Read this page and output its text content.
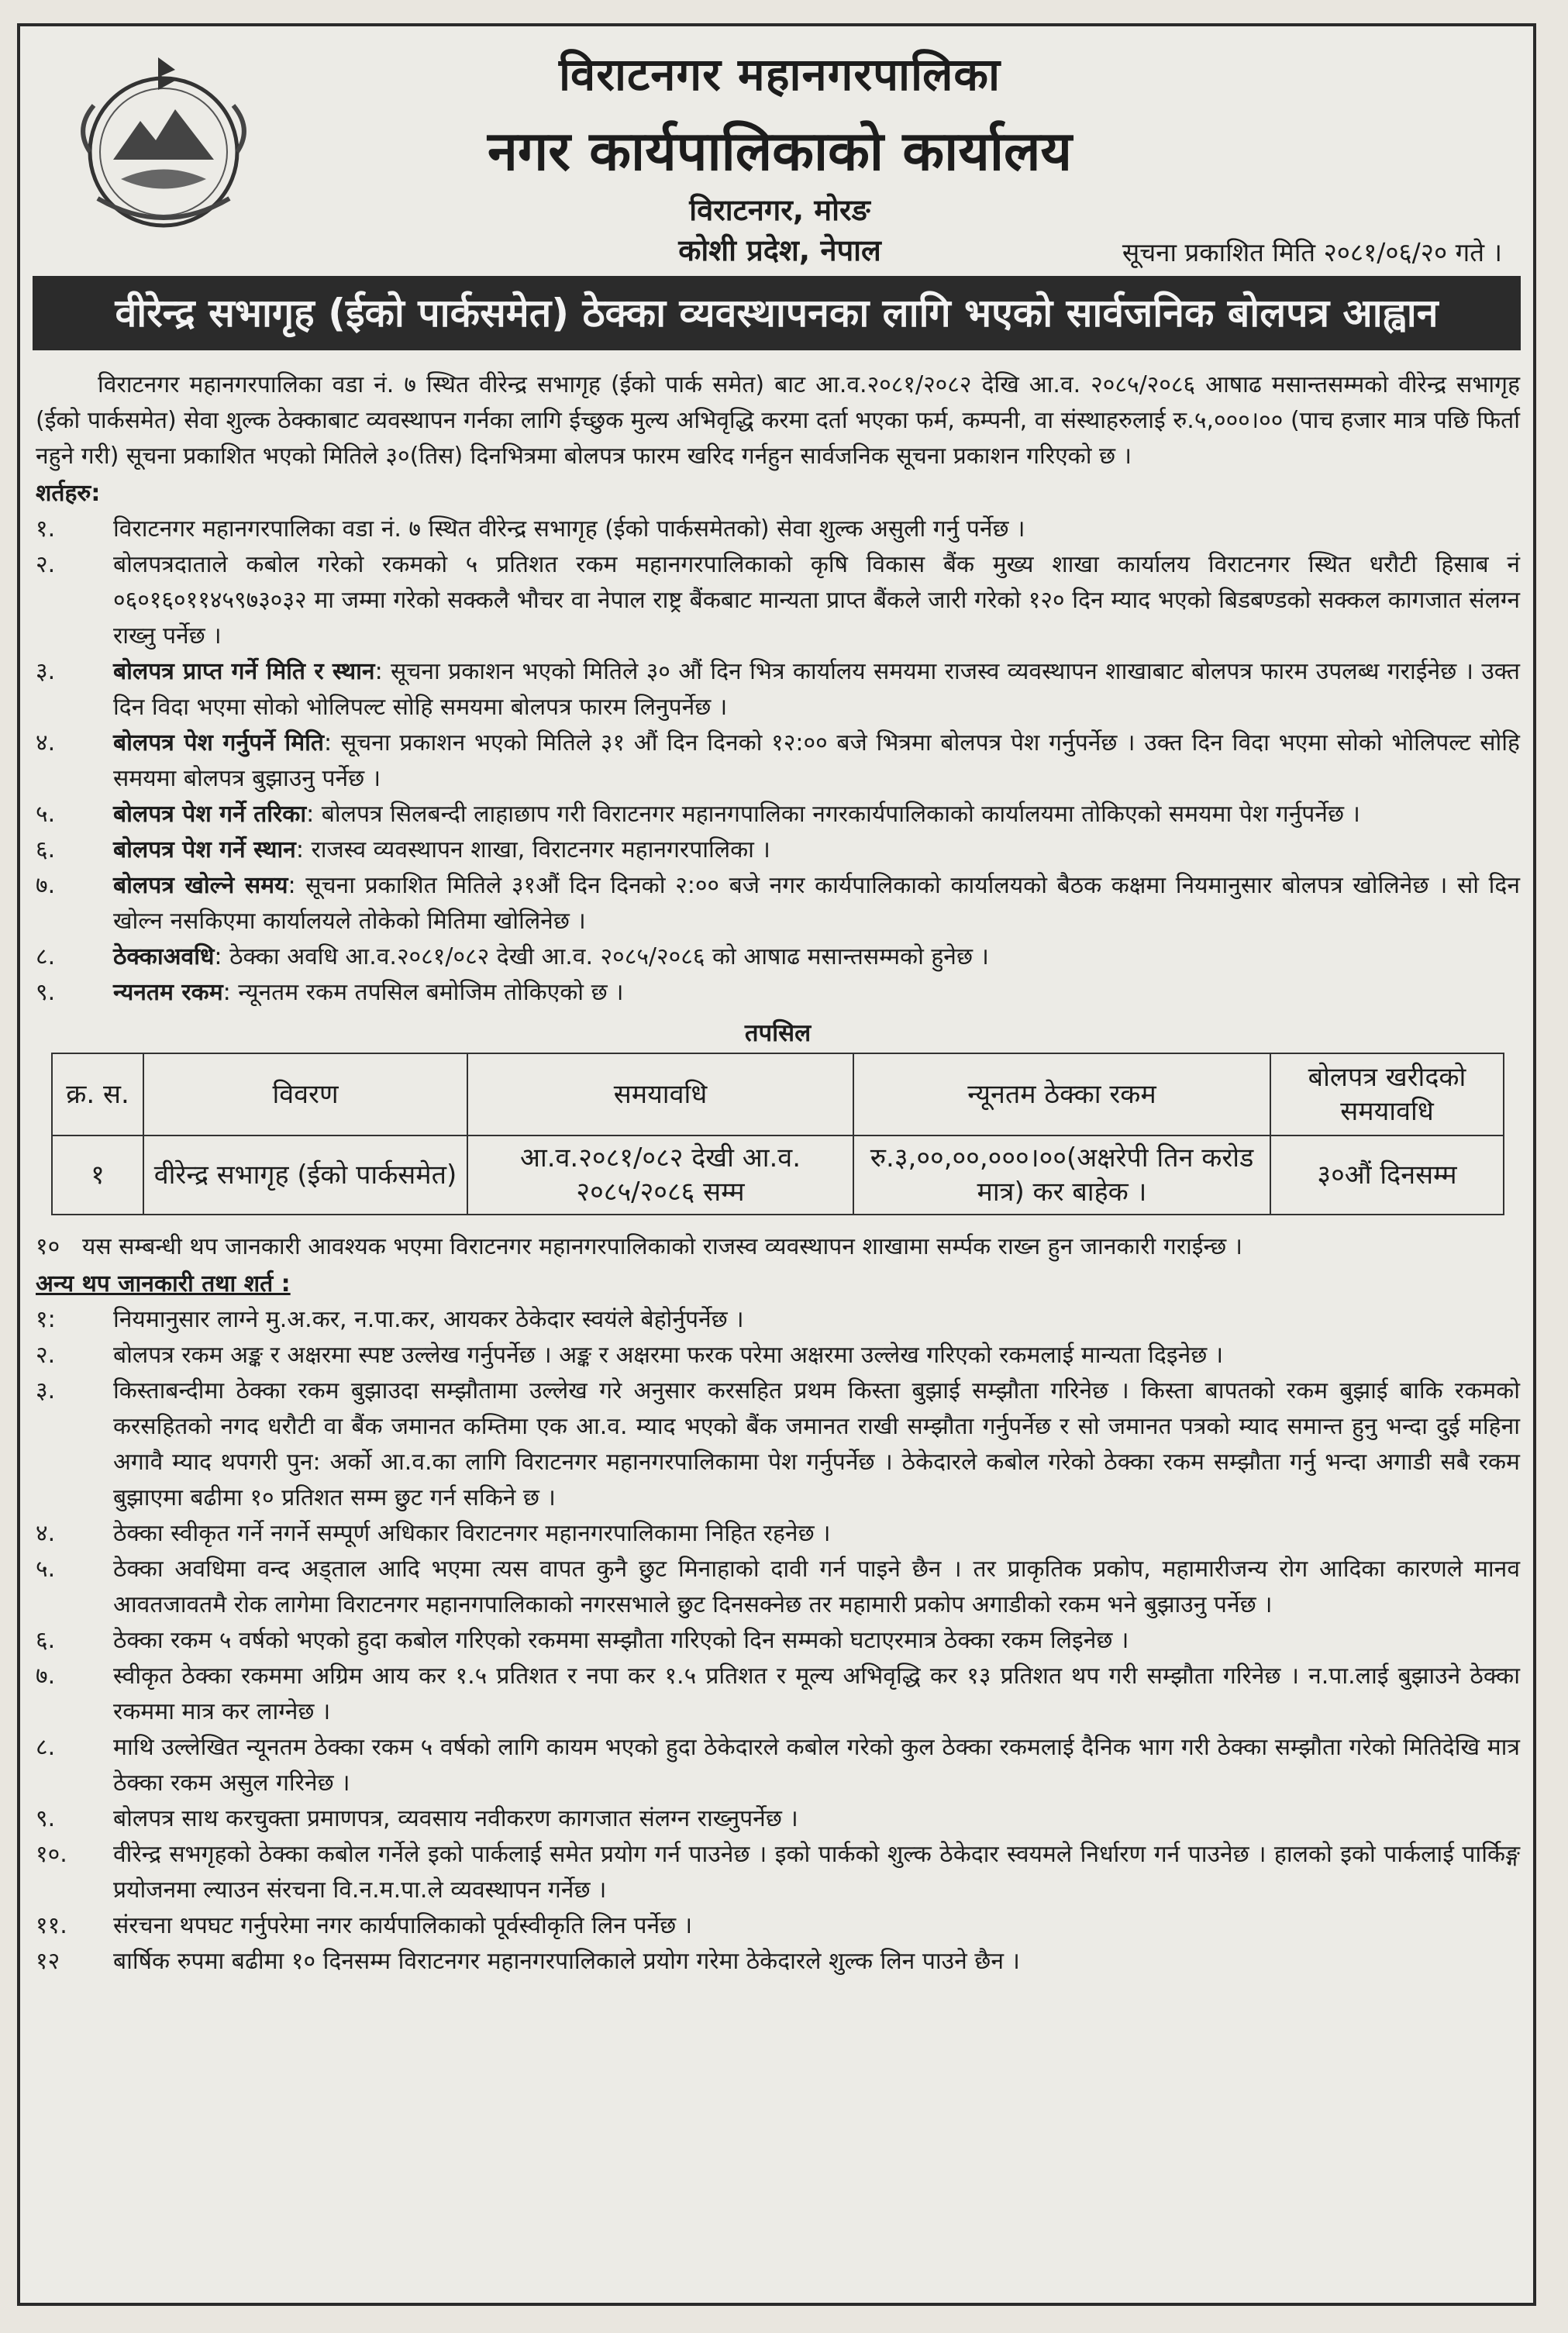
विराटनगर महानगरपालिका
नगर कार्यपालिकाको कार्यालय
विराटनगर, मोरङ
कोशी प्रदेश, नेपाल	सूचना प्रकाशित मिति २०८१/०६/२० गते ।
वीरेन्द्र सभागृह (ईको पार्कसमेत) ठेक्का व्यवस्थापनका लागि भएको सार्वजनिक बोलपत्र आह्वान

विराटनगर महानगरपालिका वडा नं. ७ स्थित वीरेन्द्र सभागृह (ईको पार्क समेत) बाट आ.व.२०८१/२०८२ देखि आ.व. २०८५/२०८६ आषाढ मसान्तसम्मको वीरेन्द्र सभागृह (ईको पार्कसमेत) सेवा शुल्क ठेक्काबाट व्यवस्थापन गर्नका लागि ईच्छुक मुल्य अभिवृद्धि करमा दर्ता भएका फर्म, कम्पनी, वा संस्थाहरुलाई रु.५,०००।०० (पाच हजार मात्र पछि फिर्ता नहुने गरी) सूचना प्रकाशित भएको मितिले ३०(तिस) दिनभित्रमा बोलपत्र फारम खरिद गर्नहुन सार्वजनिक सूचना प्रकाशन गरिएको छ ।

शर्तहरु:
१.	विराटनगर महानगरपालिका वडा नं. ७ स्थित वीरेन्द्र सभागृह (ईको पार्कसमेतको) सेवा शुल्क असुली गर्नु पर्नेछ ।
२.	बोलपत्रदाताले कबोल गरेको रकमको ५ प्रतिशत रकम महानगरपालिकाको कृषि विकास बैंक मुख्य शाखा कार्यालय विराटनगर स्थित धरौटी हिसाब नं ०६०१६०११४५९७३०३२ मा जम्मा गरेको सक्कलै भौचर वा नेपाल राष्ट्र बैंकबाट मान्यता प्राप्त बैंकले जारी गरेको १२० दिन म्याद भएको बिडबण्डको सक्कल कागजात संलग्न राख्नु पर्नेछ ।
३.	बोलपत्र प्राप्त गर्ने मिति र स्थान: सूचना प्रकाशन भएको मितिले ३० औं दिन भित्र कार्यालय समयमा राजस्व व्यवस्थापन शाखाबाट बोलपत्र फारम उपलब्ध गराईनेछ । उक्त दिन विदा भएमा सोको भोलिपल्ट सोहि समयमा बोलपत्र फारम लिनुपर्नेछ ।
४.	बोलपत्र पेश गर्नुपर्ने मिति: सूचना प्रकाशन भएको मितिले ३१ औं दिन दिनको १२:०० बजे भित्रमा बोलपत्र पेश गर्नुपर्नेछ । उक्त दिन विदा भएमा सोको भोलिपल्ट सोहि समयमा बोलपत्र बुझाउनु पर्नेछ ।
५.	बोलपत्र पेश गर्ने तरिका: बोलपत्र सिलबन्दी लाहाछाप गरी विराटनगर महानगपालिका नगरकार्यपालिकाको कार्यालयमा तोकिएको समयमा पेश गर्नुपर्नेछ ।
६.	बोलपत्र पेश गर्ने स्थान: राजस्व व्यवस्थापन शाखा, विराटनगर महानगरपालिका ।
७.	बोलपत्र खोल्ने समय: सूचना प्रकाशित मितिले ३१औं दिन दिनको २:०० बजे नगर कार्यपालिकाको कार्यालयको बैठक कक्षमा नियमानुसार बोलपत्र खोलिनेछ । सो दिन खोल्न नसकिएमा कार्यालयले तोकेको मितिमा खोलिनेछ ।
८.	ठेक्काअवधि: ठेक्का अवधि आ.व.२०८१/०८२ देखी आ.व. २०८५/२०८६ को आषाढ मसान्तसम्मको हुनेछ ।
९.	न्यनतम रकम: न्यूनतम रकम तपसिल बमोजिम तोकिएको छ ।
तपसिल
क्र. स.	विवरण	समयावधि	न्यूनतम ठेक्का रकम	बोलपत्र खरीदको समयावधि
१	वीरेन्द्र सभागृह (ईको पार्कसमेत)	आ.व.२०८१/०८२ देखी आ.व. २०८५/२०८६ सम्म	रु.३,००,००,०००।००(अक्षरेपी तिन करोड मात्र) कर बाहेक ।	३०औं दिनसम्म
१० यस सम्बन्धी थप जानकारी आवश्यक भएमा विराटनगर महानगरपालिकाको राजस्व व्यवस्थापन शाखामा सर्म्पक राख्न हुन जानकारी गराईन्छ ।
अन्य थप जानकारी तथा शर्त :
१:	नियमानुसार लाग्ने मु.अ.कर, न.पा.कर, आयकर ठेकेदार स्वयंले बेहोर्नुपर्नेछ ।
२.	बोलपत्र रकम अङ्क र अक्षरमा स्पष्ट उल्लेख गर्नुपर्नेछ । अङ्क र अक्षरमा फरक परेमा अक्षरमा उल्लेख गरिएको रकमलाई मान्यता दिइनेछ ।
३.	किस्ताबन्दीमा ठेक्का रकम बुझाउदा सम्झौतामा उल्लेख गरे अनुसार करसहित प्रथम किस्ता बुझाई सम्झौता गरिनेछ । किस्ता बापतको रकम बुझाई बाकि रकमको करसहितको नगद धरौटी वा बैंक जमानत कम्तिमा एक आ.व. म्याद भएको बैंक जमानत राखी सम्झौता गर्नुपर्नेछ र सो जमानत पत्रको म्याद समान्त हुनु भन्दा दुई महिना अगावै म्याद थपगरी पुन: अर्को आ.व.का लागि विराटनगर महानगरपालिकामा पेश गर्नुपर्नेछ । ठेकेदारले कबोल गरेको ठेक्का रकम सम्झौता गर्नु भन्दा अगाडी सबै रकम बुझाएमा बढीमा १० प्रतिशत सम्म छुट गर्न सकिने छ ।
४.	ठेक्का स्वीकृत गर्ने नगर्ने सम्पूर्ण अधिकार विराटनगर महानगरपालिकामा निहित रहनेछ ।
५.	ठेक्का अवधिमा वन्द अड्ताल आदि भएमा त्यस वापत कुनै छुट मिनाहाको दावी गर्न पाइने छैन । तर प्राकृतिक प्रकोप, महामारीजन्य रोग आदिका कारणले मानव आवतजावतमै रोक लागेमा विराटनगर महानगपालिकाको नगरसभाले छुट दिनसक्नेछ तर महामारी प्रकोप अगाडीको रकम भने बुझाउनु पर्नेछ ।
६.	ठेक्का रकम ५ वर्षको भएको हुदा कबोल गरिएको रकममा सम्झौता गरिएको दिन सम्मको घटाएरमात्र ठेक्का रकम लिइनेछ ।
७.	स्वीकृत ठेक्का रकममा अग्रिम आय कर १.५ प्रतिशत र नपा कर १.५ प्रतिशत र मूल्य अभिवृद्धि कर १३ प्रतिशत थप गरी सम्झौता गरिनेछ । न.पा.लाई बुझाउने ठेक्का रकममा मात्र कर लाग्नेछ ।
८.	माथि उल्लेखित न्यूनतम ठेक्का रकम ५ वर्षको लागि कायम भएको हुदा ठेकेदारले कबोल गरेको कुल ठेक्का रकमलाई दैनिक भाग गरी ठेक्का सम्झौता गरेको मितिदेखि मात्र ठेक्का रकम असुल गरिनेछ ।
९.	बोलपत्र साथ करचुक्ता प्रमाणपत्र, व्यवसाय नवीकरण कागजात संलग्न राख्नुपर्नेछ ।
१०.	वीरेन्द्र सभगृहको ठेक्का कबोल गर्नेले इको पार्कलाई समेत प्रयोग गर्न पाउनेछ । इको पार्कको शुल्क ठेकेदार स्वयमले निर्धारण गर्न पाउनेछ । हालको इको पार्कलाई पार्किङ्ग प्रयोजनमा ल्याउन संरचना वि.न.म.पा.ले व्यवस्थापन गर्नेछ ।
११.	संरचना थपघट गर्नुपरेमा नगर कार्यपालिकाको पूर्वस्वीकृति लिन पर्नेछ ।
१२	बार्षिक रुपमा बढीमा १० दिनसम्म विराटनगर महानगरपालिकाले प्रयोग गरेमा ठेकेदारले शुल्क लिन पाउने छैन ।
